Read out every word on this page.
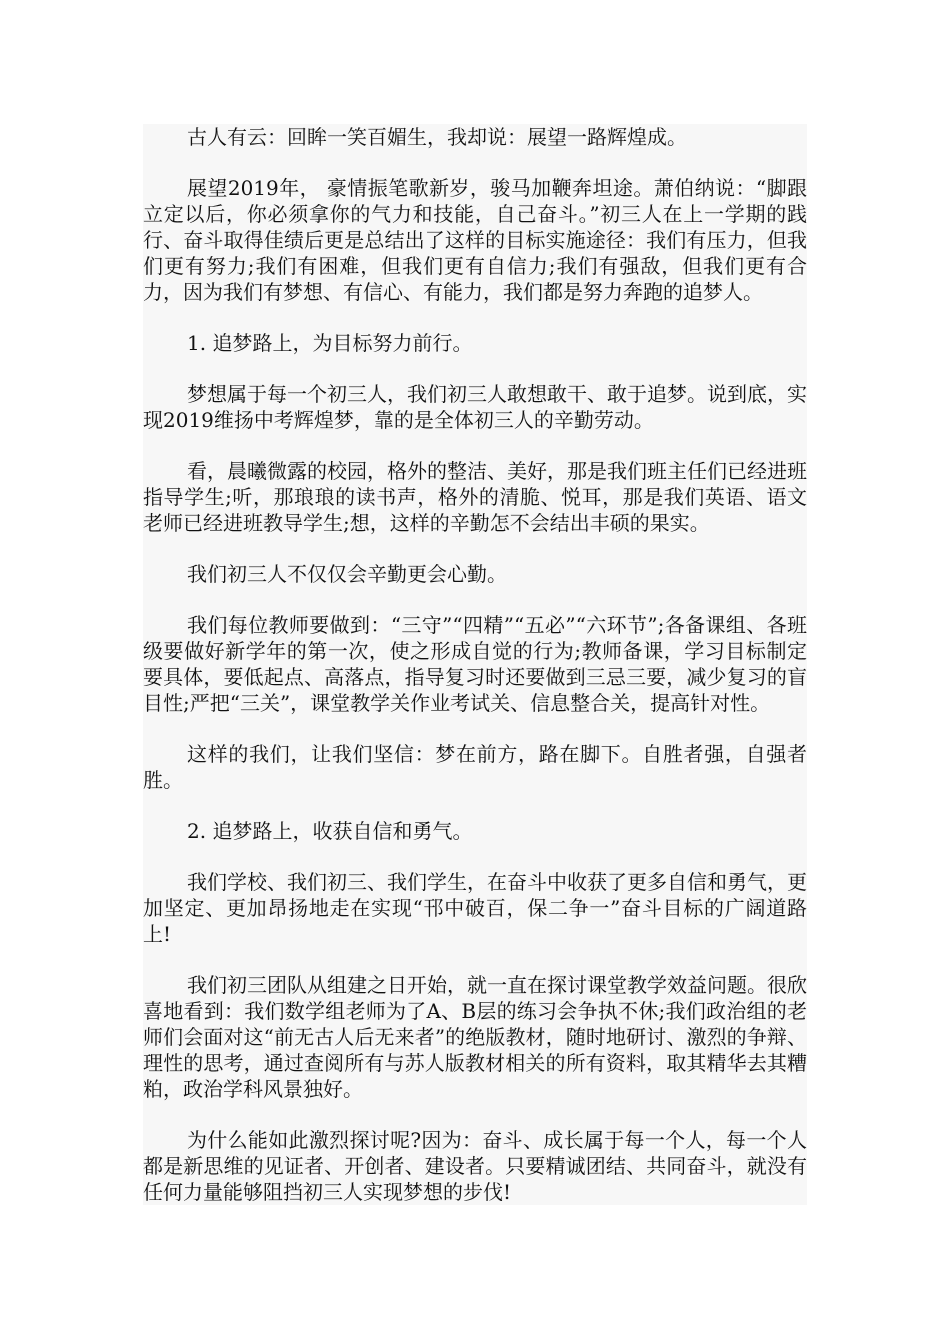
古人有云：回眸一笑百媚生，我却说：展望一路辉煌成。

展望2019年， 豪情振笔歌新岁，骏马加鞭奔坦途。萧伯纳说：“脚跟立定以后，你必须拿你的气力和技能，自己奋斗。”初三人在上一学期的践行、奋斗取得佳绩后更是总结出了这样的目标实施途径：我们有压力，但我们更有努力;我们有困难，但我们更有自信力;我们有强敌，但我们更有合力，因为我们有梦想、有信心、有能力，我们都是努力奔跑的追梦人。

1. 追梦路上，为目标努力前行。

梦想属于每一个初三人，我们初三人敢想敢干、敢于追梦。说到底，实现2019维扬中考辉煌梦，靠的是全体初三人的辛勤劳动。

看，晨曦微露的校园，格外的整洁、美好，那是我们班主任们已经进班指导学生;听，那琅琅的读书声，格外的清脆、悦耳，那是我们英语、语文老师已经进班教导学生;想，这样的辛勤怎不会结出丰硕的果实。

我们初三人不仅仅会辛勤更会心勤。

我们每位教师要做到：“三守”“四精”“五必”“六环节”;各备课组、各班级要做好新学年的第一次，使之形成自觉的行为;教师备课，学习目标制定要具体，要低起点、高落点，指导复习时还要做到三忌三要，减少复习的盲目性;严把“三关”，课堂教学关作业考试关、信息整合关，提高针对性。

这样的我们，让我们坚信：梦在前方，路在脚下。自胜者强，自强者胜。

2. 追梦路上，收获自信和勇气。

我们学校、我们初三、我们学生，在奋斗中收获了更多自信和勇气，更加坚定、更加昂扬地走在实现“邗中破百，保二争一”奋斗目标的广阔道路上!

我们初三团队从组建之日开始，就一直在探讨课堂教学效益问题。很欣喜地看到：我们数学组老师为了A、B层的练习会争执不休;我们政治组的老师们会面对这“前无古人后无来者”的绝版教材，随时地研讨、激烈的争辩、理性的思考，通过查阅所有与苏人版教材相关的所有资料，取其精华去其糟粕，政治学科风景独好。

为什么能如此激烈探讨呢?因为：奋斗、成长属于每一个人，每一个人都是新思维的见证者、开创者、建设者。只要精诚团结、共同奋斗，就没有任何力量能够阻挡初三人实现梦想的步伐!
